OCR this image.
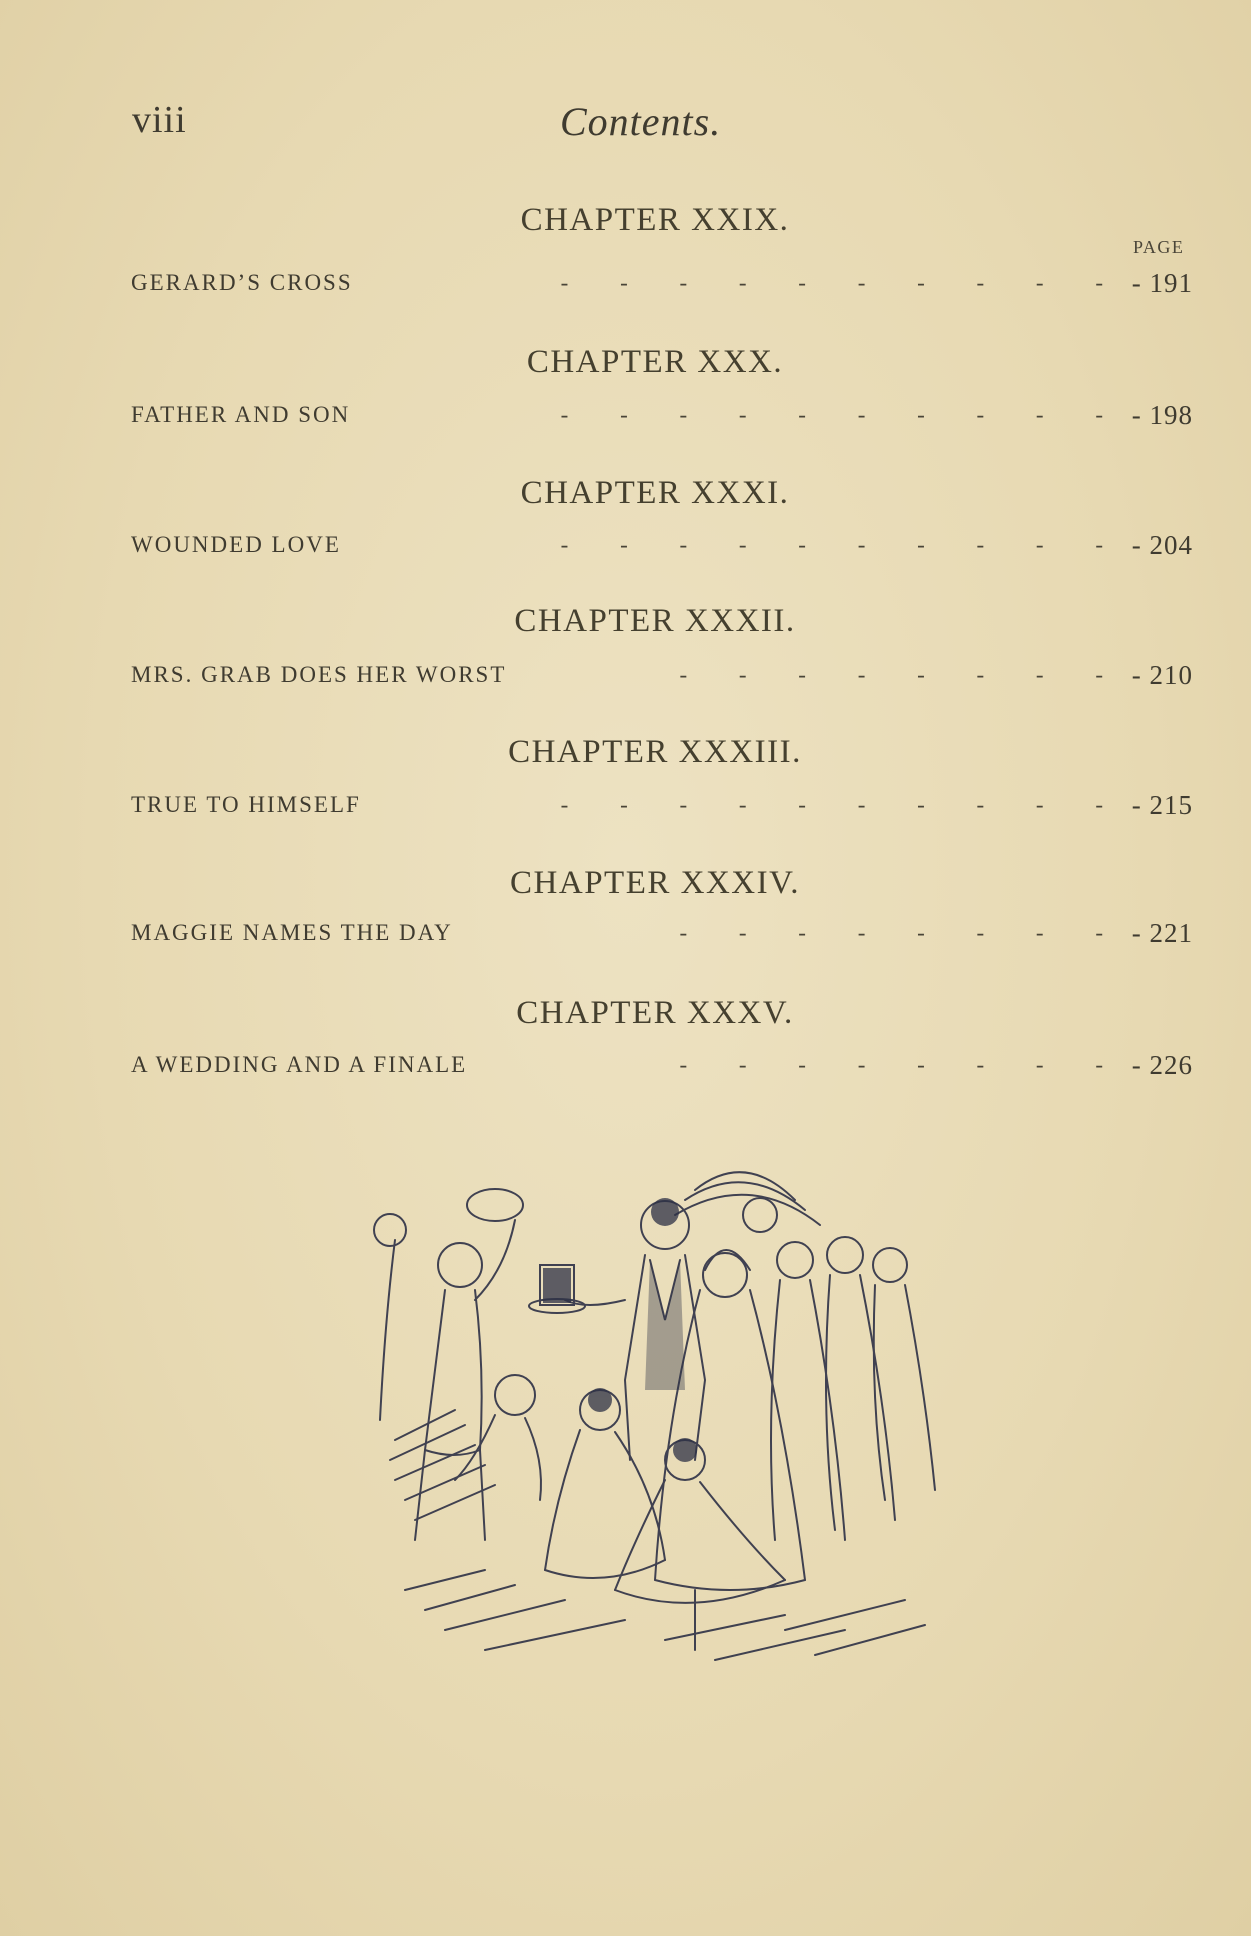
viii	Contents.
PAGE
CHAPTER XXIX.
GERARD’S CROSS	-         -         -         -         -         -         -         -         -         - - 191
CHAPTER XXX.
FATHER AND SON	-         -         -         -         -         -         -         -         -         - - 198
CHAPTER XXXI.
WOUNDED LOVE	-         -         -         -         -         -         -         -         -         - - 204
CHAPTER XXXII.
MRS. GRAB DOES HER WORST	-         -         -         -         -         -         -         - - 210
CHAPTER XXXIII.
TRUE TO HIMSELF	-         -         -         -         -         -         -         -         -         - - 215
CHAPTER XXXIV.
MAGGIE NAMES THE DAY	-         -         -         -         -         -         -         - - 221
CHAPTER XXXV.
A WEDDING AND A FINALE	-         -         -         -         -         -         -         - - 226
